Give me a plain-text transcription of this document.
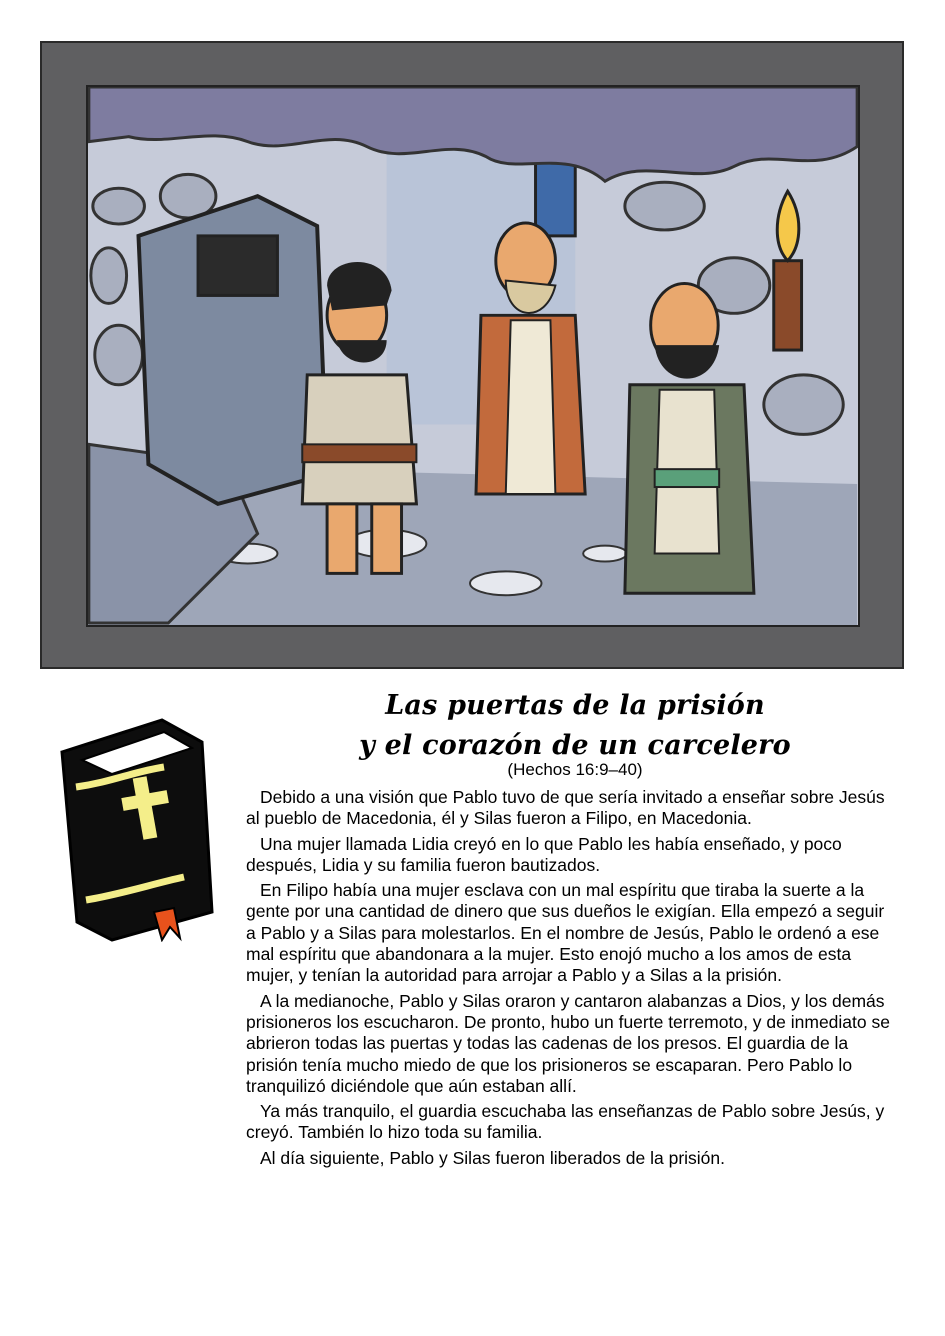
Las puertas de la prisión
y el corazón de un carcelero
(Hechos 16:9–40)

Debido a una visión que Pablo tuvo de que sería invitado a enseñar sobre Jesús al pueblo de Macedonia, él y Silas fueron a Filipo, en Macedonia.

Una mujer llamada Lidia creyó en lo que Pablo les había enseñado, y poco después, Lidia y su familia fueron bautizados.

En Filipo había una mujer esclava con un mal espíritu que tiraba la suerte a la gente por una cantidad de dinero que sus dueños le exigían. Ella empezó a seguir a Pablo y a Silas para molestarlos. En el nombre de Jesús, Pablo le ordenó a ese mal espíritu que abandonara a la mujer. Esto enojó mucho a los amos de esta mujer, y tenían la autoridad para arrojar a Pablo y a Silas a la prisión.

A la medianoche, Pablo y Silas oraron y cantaron alabanzas a Dios, y los demás prisioneros los escucharon. De pronto, hubo un fuerte terremoto, y de inmediato se abrieron todas las puertas y todas las cadenas de los presos. El guardia de la prisión tenía mucho miedo de que los prisioneros se escaparan. Pero Pablo lo tranquilizó diciéndole que aún estaban allí.

Ya más tranquilo, el guardia escuchaba las enseñanzas de Pablo sobre Jesús, y creyó. También lo hizo toda su familia.

Al día siguiente, Pablo y Silas fueron liberados de la prisión.
